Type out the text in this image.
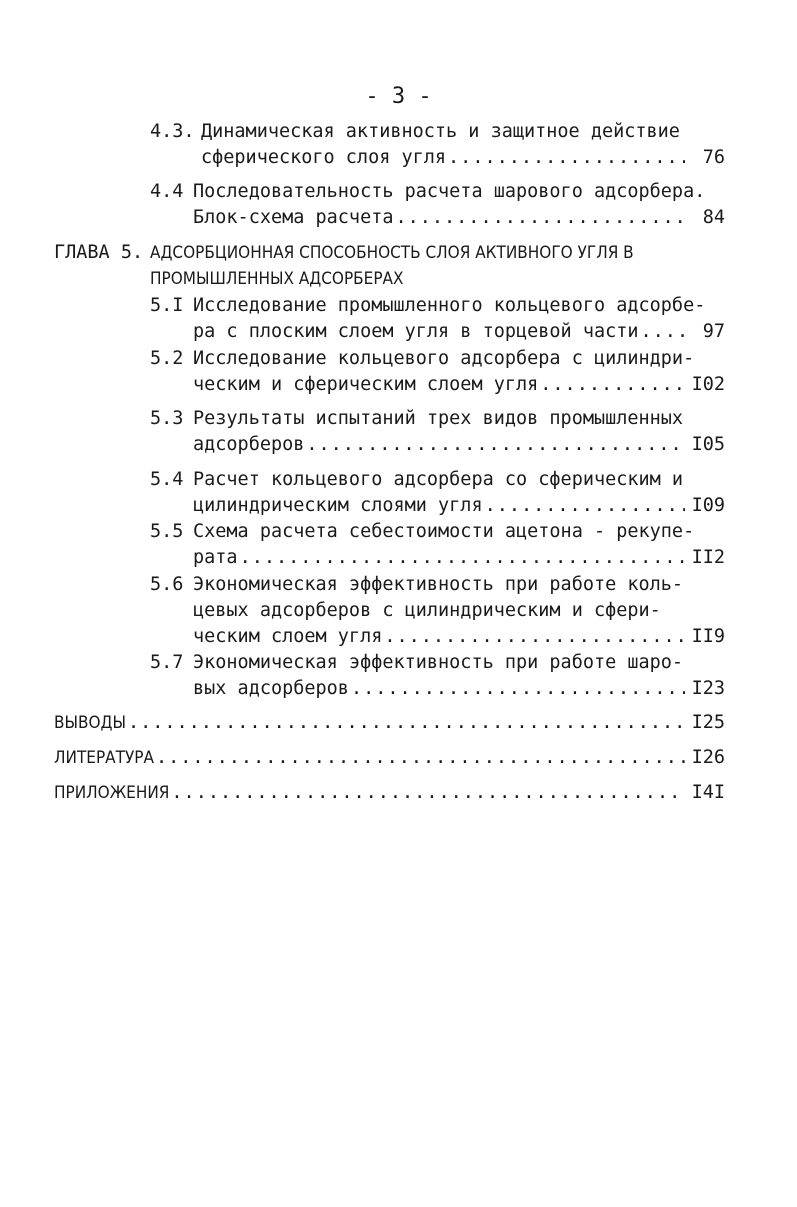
- 3 -
4.3. Динамическая активность и защитное действие
сферического слоя угля .....	76
4.4 Последовательность расчета шарового адсорбера.
Блок-схема расчета .....	84
ГЛАВА 5. АДСОРБЦИОННАЯ СПОСОБНОСТЬ СЛОЯ АКТИВНОГО УГЛЯ В
ПРОМЫШЛЕННЫХ АДСОРБЕРАХ
5.I Исследование промышленного кольцевого адсорбе-
ра с плоским слоем угля в торцевой части .....	97
5.2 Исследование кольцевого адсорбера с цилиндри-
ческим и сферическим слоем угля .....	I02
5.3 Результаты испытаний трех видов промышленных
адсорберов .....	I05
5.4 Расчет кольцевого адсорбера со сферическим и
цилиндрическим слоями угля .....	I09
5.5 Схема расчета себестоимости ацетона - рекупе-
рата .....	II2
5.6 Экономическая эффективность при работе коль-
цевых адсорберов с цилиндрическим и сфери-
ческим слоем угля .....	II9
5.7 Экономическая эффективность при работе шаро-
вых адсорберов .....	I23
ВЫВОДЫ .....	I25
ЛИТЕРАТУРА .....	I26
ПРИЛОЖЕНИЯ .....	I4I
